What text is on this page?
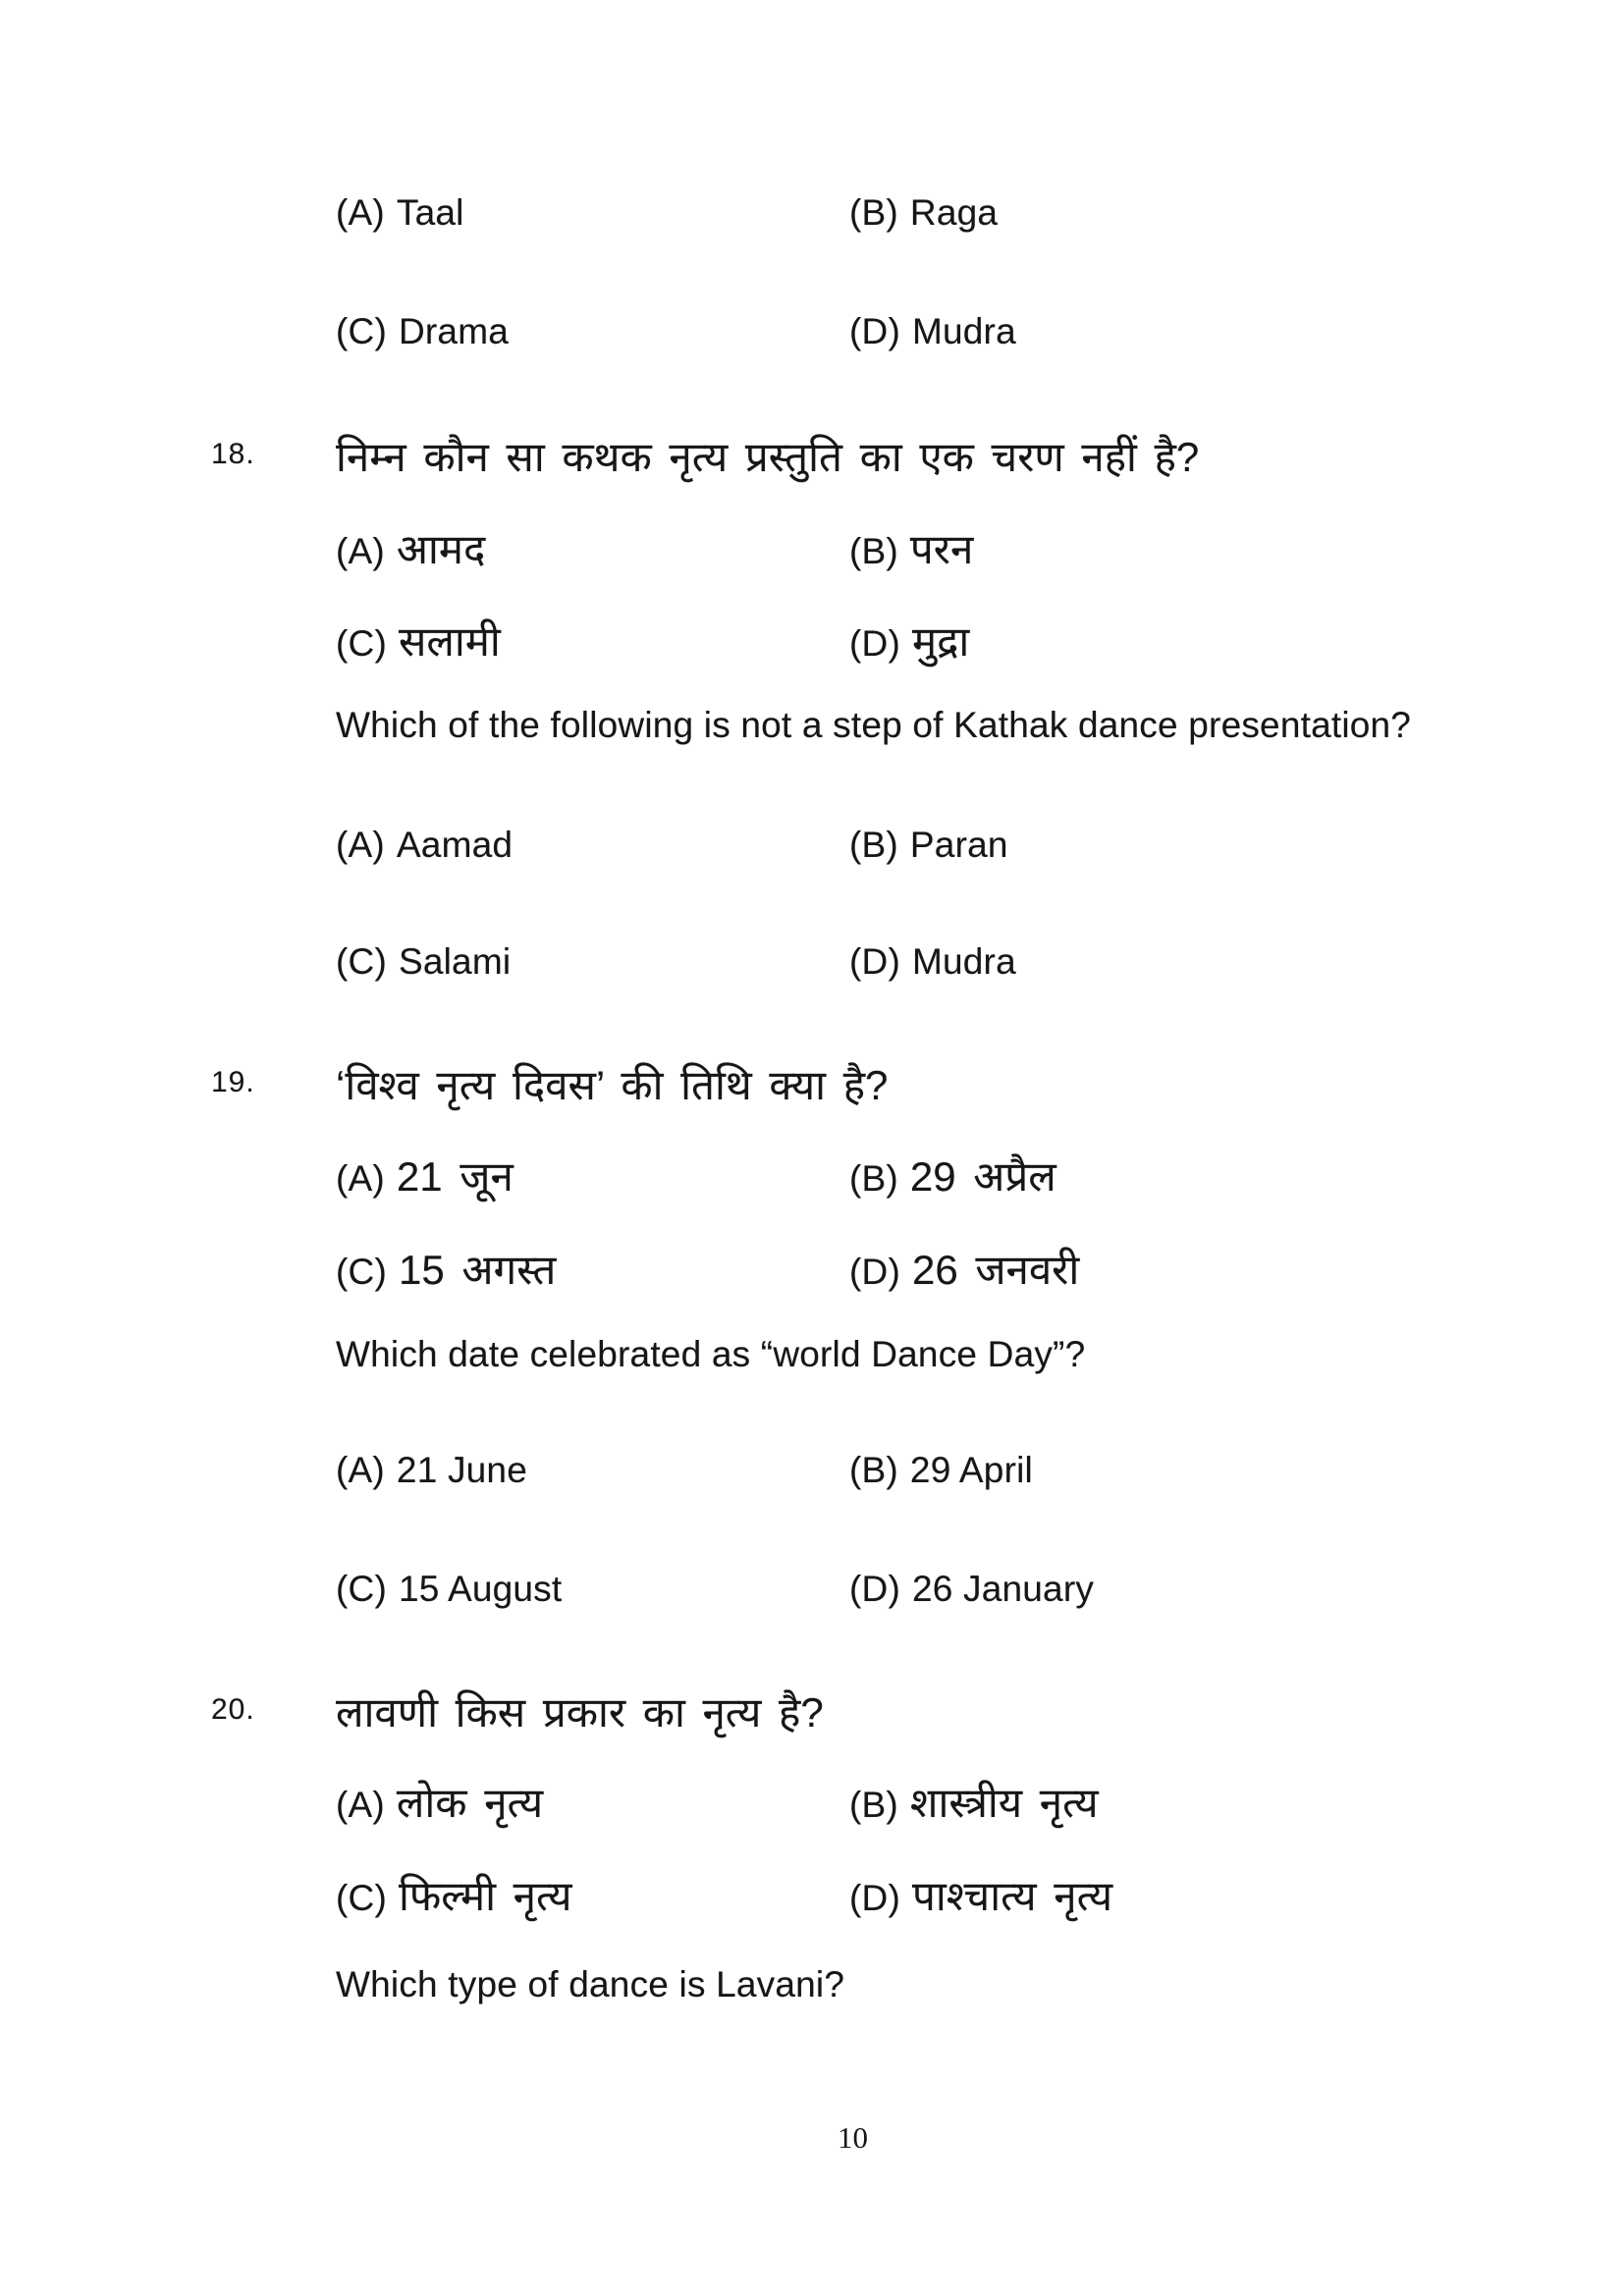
(A) Taal	(B) Raga
(C) Drama	(D) Mudra
18. निम्न कौन सा कथक नृत्य प्रस्तुति का एक चरण नहीं है?
(A) आमद	(B) परन
(C) सलामी	(D) मुद्रा
Which of the following is not a step of Kathak dance presentation?
(A) Aamad	(B) Paran
(C) Salami	(D) Mudra
19. ‘विश्व नृत्य दिवस’ की तिथि क्या है?
(A) 21 जून	(B) 29 अप्रैल
(C) 15 अगस्त	(D) 26 जनवरी
Which date celebrated as “world Dance Day”?
(A) 21 June	(B) 29 April
(C) 15 August	(D) 26 January
20. लावणी किस प्रकार का नृत्य है?
(A) लोक नृत्य	(B) शास्त्रीय नृत्य
(C) फिल्मी नृत्य	(D) पाश्चात्य नृत्य
Which type of dance is Lavani?
10
